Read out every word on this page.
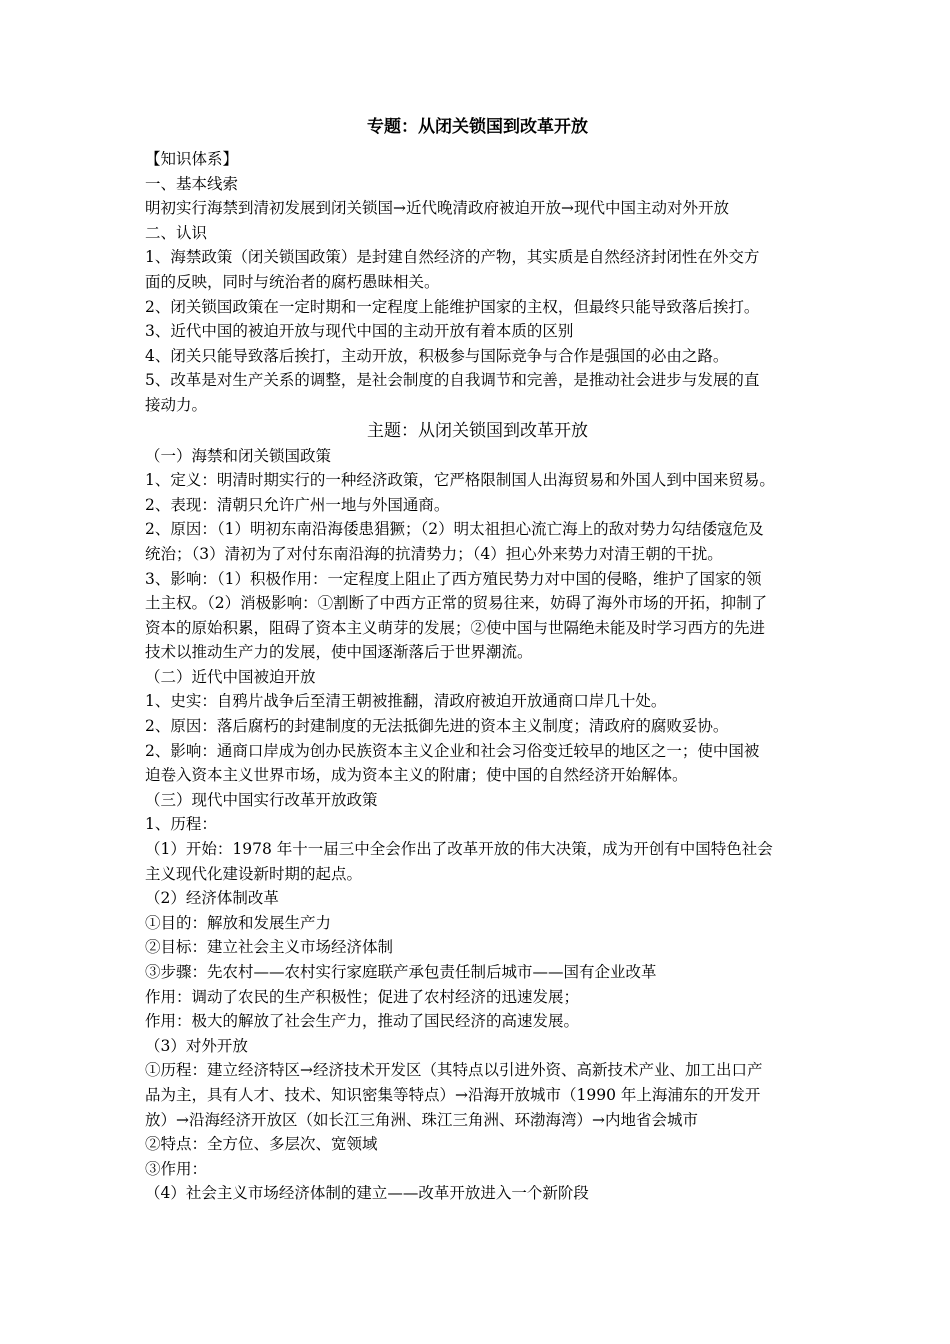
专题：从闭关锁国到改革开放
【知识体系】
一、基本线索
明初实行海禁到清初发展到闭关锁国→近代晚清政府被迫开放→现代中国主动对外开放
二、认识
1、海禁政策（闭关锁国政策）是封建自然经济的产物，其实质是自然经济封闭性在外交方
面的反映，同时与统治者的腐朽愚昧相关。
2、闭关锁国政策在一定时期和一定程度上能维护国家的主权，但最终只能导致落后挨打。
3、近代中国的被迫开放与现代中国的主动开放有着本质的区别
4、闭关只能导致落后挨打，主动开放，积极参与国际竞争与合作是强国的必由之路。
5、改革是对生产关系的调整，是社会制度的自我调节和完善，是推动社会进步与发展的直
接动力。
主题：从闭关锁国到改革开放
（一）海禁和闭关锁国政策
1、定义：明清时期实行的一种经济政策，它严格限制国人出海贸易和外国人到中国来贸易。
2、表现：清朝只允许广州一地与外国通商。
2、原因：（1）明初东南沿海倭患猖獗；（2）明太祖担心流亡海上的敌对势力勾结倭寇危及
统治；（3）清初为了对付东南沿海的抗清势力；（4）担心外来势力对清王朝的干扰。
3、影响：（1）积极作用：一定程度上阻止了西方殖民势力对中国的侵略，维护了国家的领
土主权。（2）消极影响：①割断了中西方正常的贸易往来，妨碍了海外市场的开拓，抑制了
资本的原始积累，阻碍了资本主义萌芽的发展；②使中国与世隔绝未能及时学习西方的先进
技术以推动生产力的发展，使中国逐渐落后于世界潮流。
（二）近代中国被迫开放
1、史实：自鸦片战争后至清王朝被推翻，清政府被迫开放通商口岸几十处。
2、原因：落后腐朽的封建制度的无法抵御先进的资本主义制度；清政府的腐败妥协。
2、影响：通商口岸成为创办民族资本主义企业和社会习俗变迁较早的地区之一；使中国被
迫卷入资本主义世界市场，成为资本主义的附庸；使中国的自然经济开始解体。
（三）现代中国实行改革开放政策
1、历程：
（1）开始：1978 年十一届三中全会作出了改革开放的伟大决策，成为开创有中国特色社会
主义现代化建设新时期的起点。
（2）经济体制改革
①目的：解放和发展生产力
②目标：建立社会主义市场经济体制
③步骤：先农村——农村实行家庭联产承包责任制后城市——国有企业改革
作用：调动了农民的生产积极性；促进了农村经济的迅速发展；
作用：极大的解放了社会生产力，推动了国民经济的高速发展。
（3）对外开放
①历程：建立经济特区→经济技术开发区（其特点以引进外资、高新技术产业、加工出口产
品为主，具有人才、技术、知识密集等特点）→沿海开放城市（1990 年上海浦东的开发开
放）→沿海经济开放区（如长江三角洲、珠江三角洲、环渤海湾）→内地省会城市
②特点：全方位、多层次、宽领域
③作用：
（4）社会主义市场经济体制的建立——改革开放进入一个新阶段
